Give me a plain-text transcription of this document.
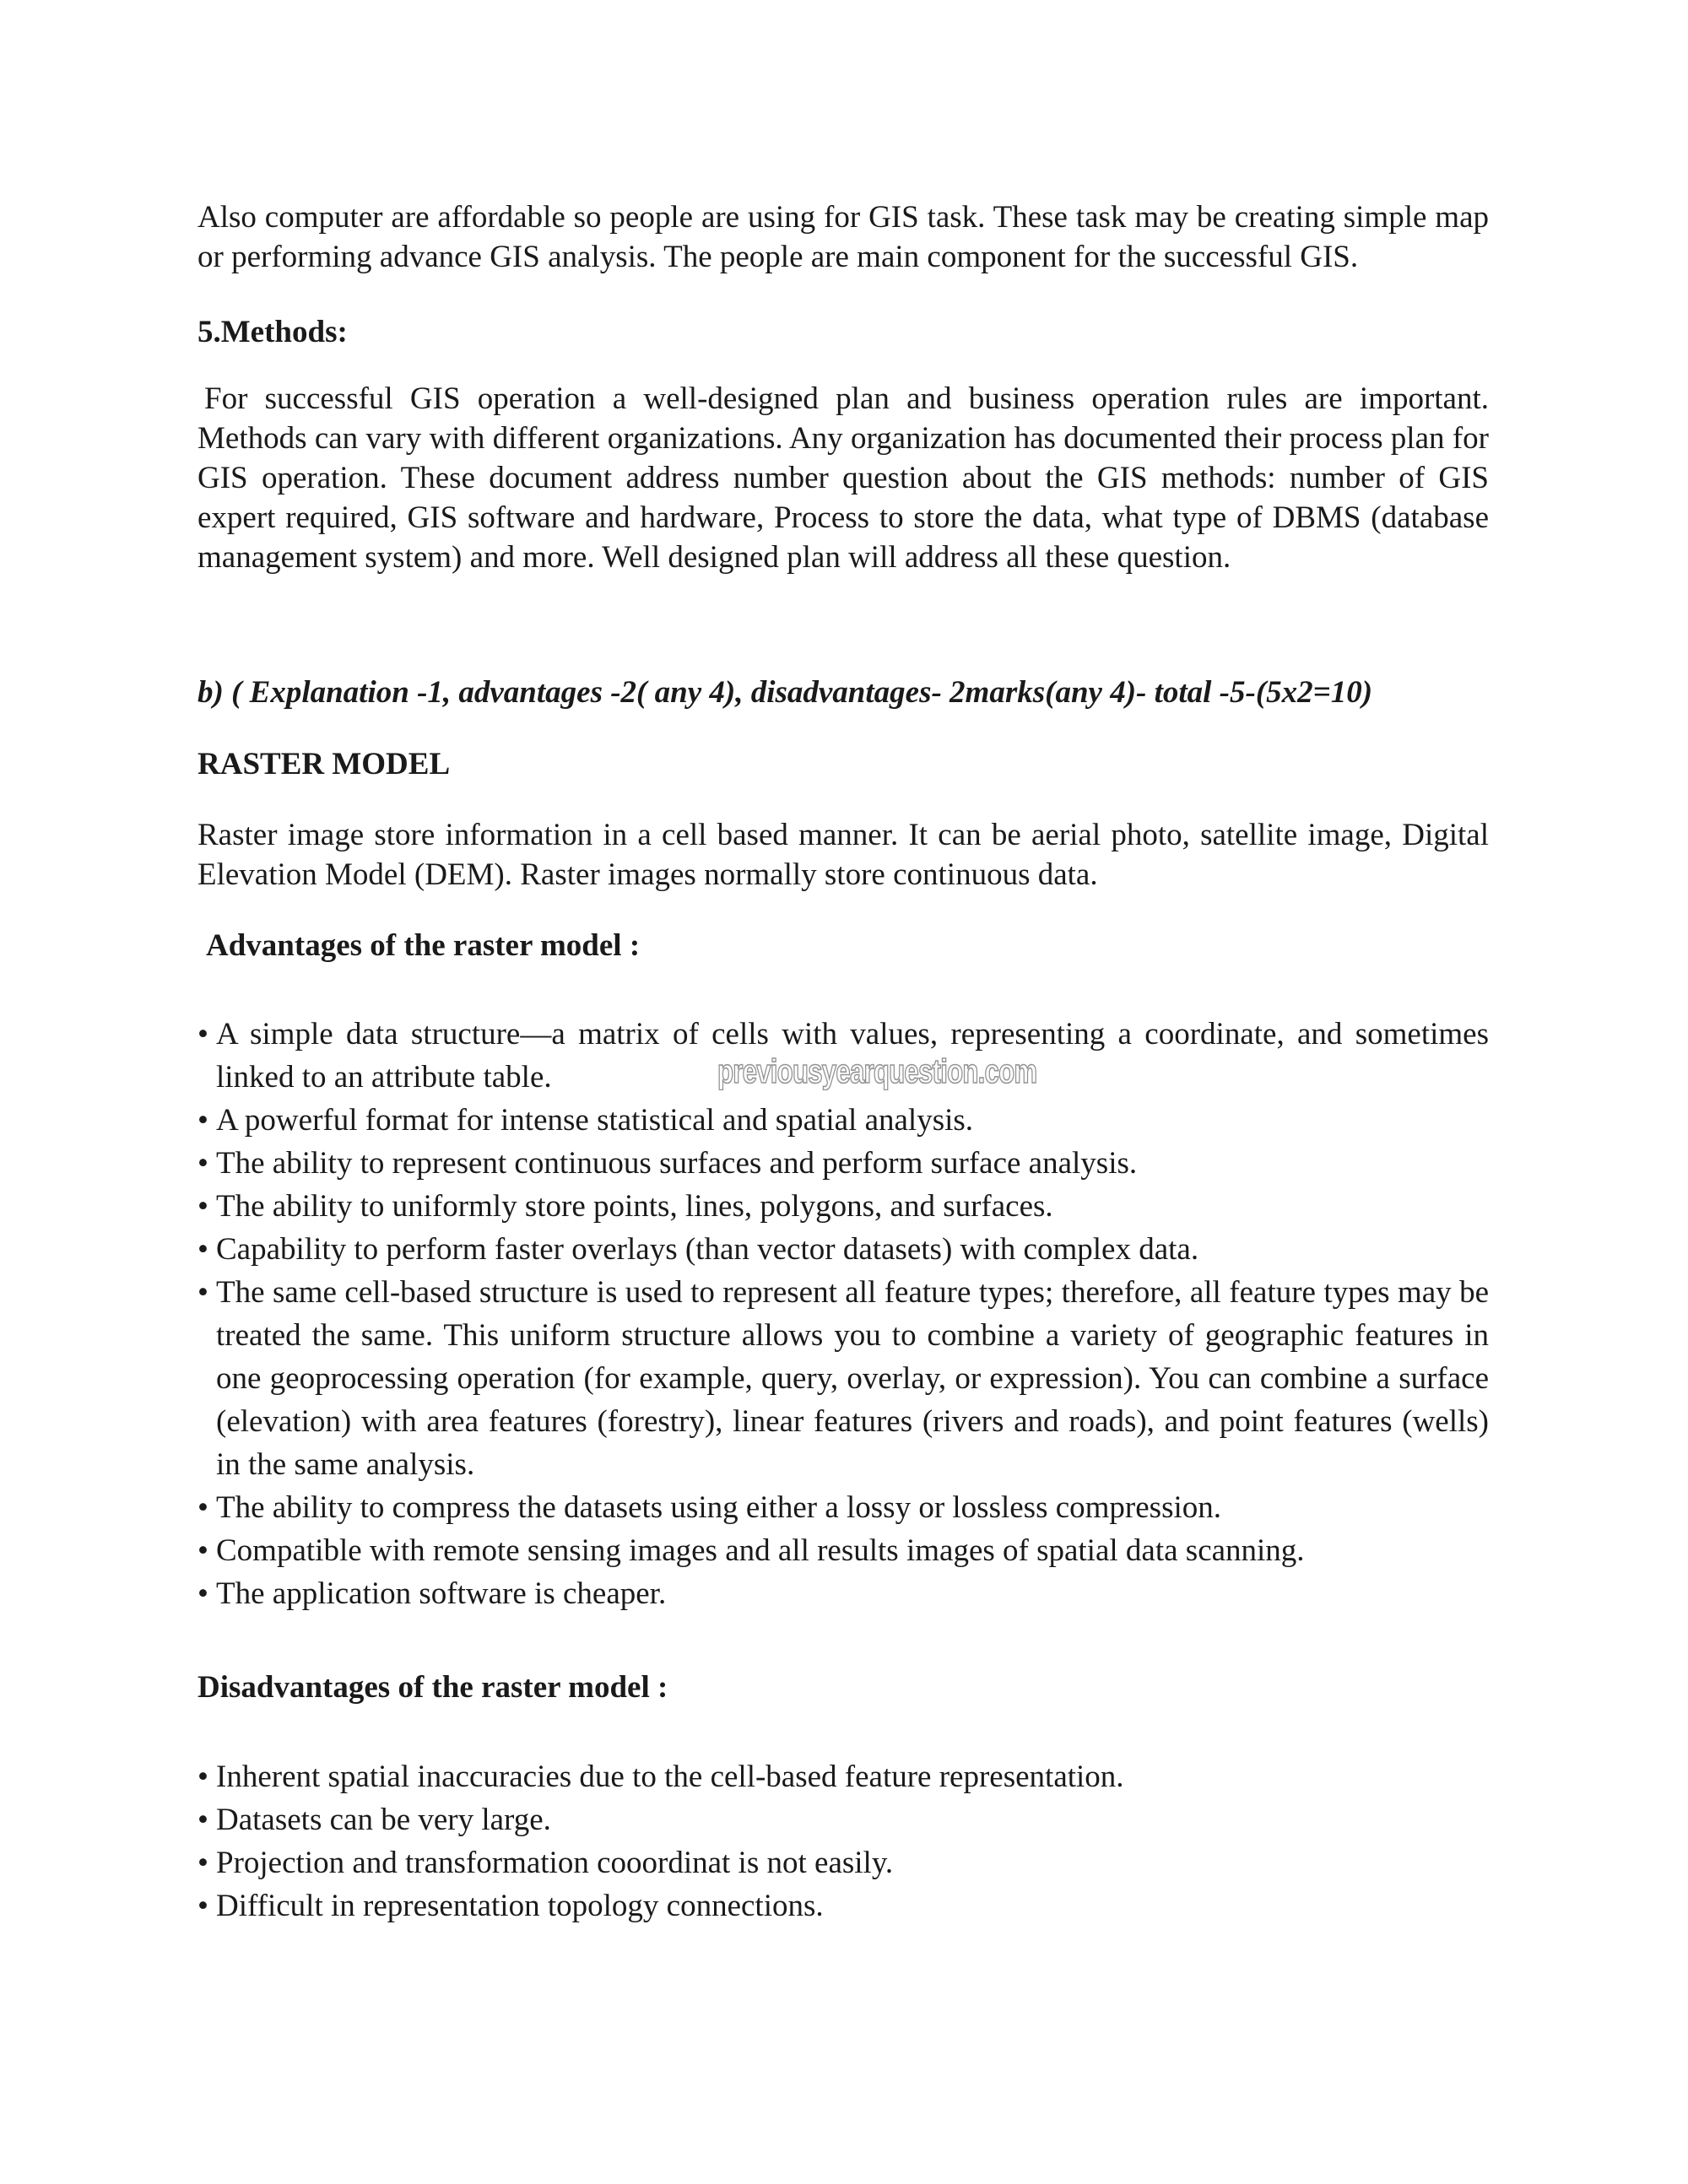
Also computer are affordable so people are using for GIS task. These task may be creating simple map or performing advance GIS analysis. The people are main component for the successful GIS.
5.Methods:
For successful GIS operation a well-designed plan and business operation rules are important. Methods can vary with different organizations. Any organization has documented their process plan for GIS operation. These document address number question about the GIS methods: number of GIS expert required, GIS software and hardware, Process to store the data, what type of DBMS (database management system) and more. Well designed plan will address all these question.
b) ( Explanation -1, advantages -2( any 4), disadvantages- 2marks(any 4)- total -5-(5x2=10)
RASTER MODEL
Raster image store information in a cell based manner. It can be aerial photo, satellite image, Digital Elevation Model (DEM). Raster images normally store continuous data.
Advantages of the raster model :
• A simple data structure—a matrix of cells with values, representing a coordinate, and sometimes linked to an attribute table.
• A powerful format for intense statistical and spatial analysis.
• The ability to represent continuous surfaces and perform surface analysis.
• The ability to uniformly store points, lines, polygons, and surfaces.
• Capability to perform faster overlays (than vector datasets) with complex data.
• The same cell-based structure is used to represent all feature types; therefore, all feature types may be treated the same. This uniform structure allows you to combine a variety of geographic features in one geoprocessing operation (for example, query, overlay, or expression). You can combine a surface (elevation) with area features (forestry), linear features (rivers and roads), and point features (wells) in the same analysis.
• The ability to compress the datasets using either a lossy or lossless compression.
• Compatible with remote sensing images and all results images of spatial data scanning.
• The application software is cheaper.
Disadvantages of the raster model :
• Inherent spatial inaccuracies due to the cell-based feature representation.
• Datasets can be very large.
• Projection and transformation cooordinat is not easily.
• Difficult in representation topology connections.
previousyearquestion.com
